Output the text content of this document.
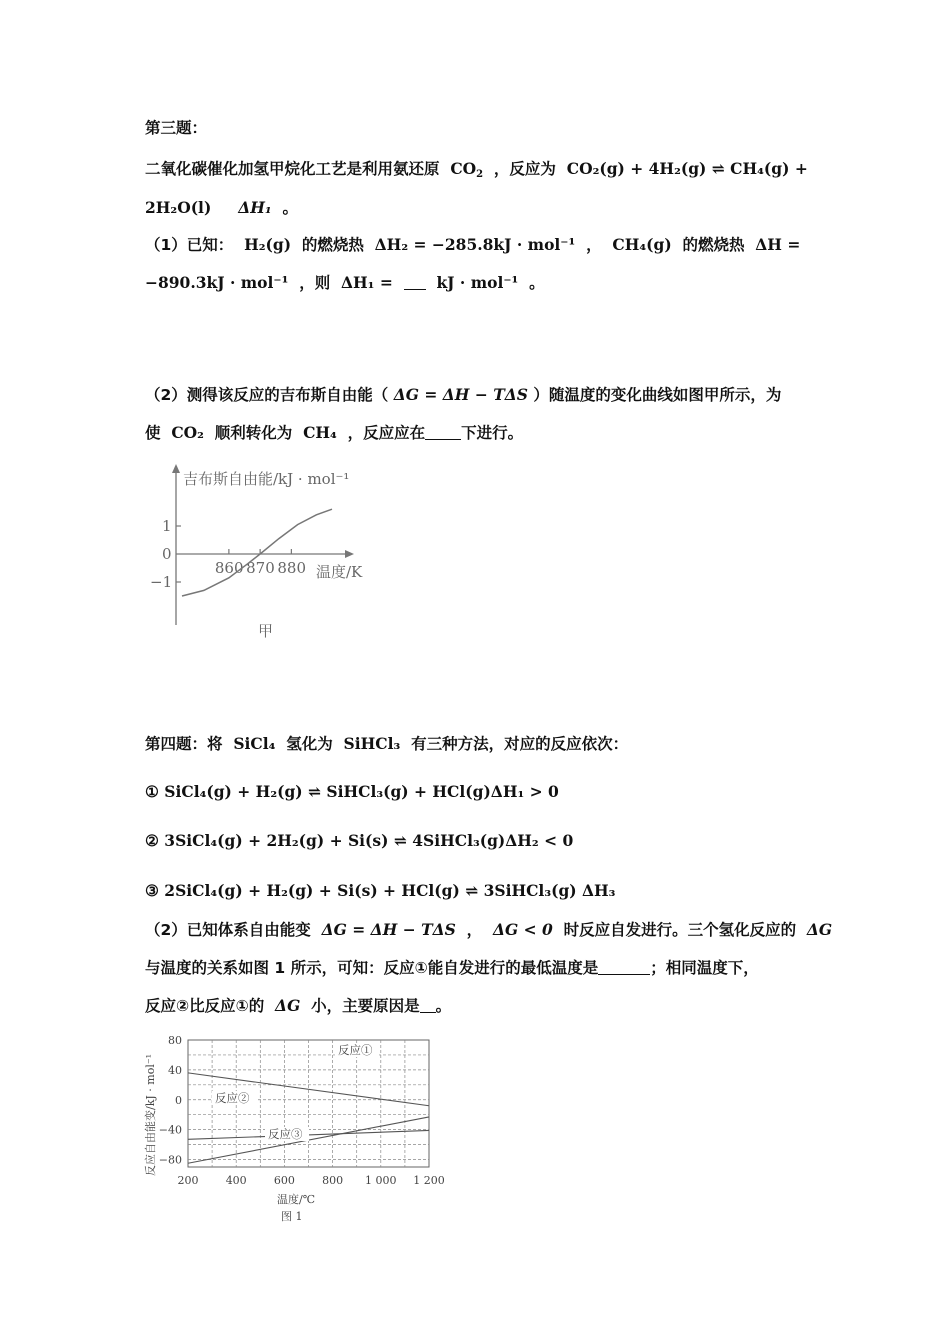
第三题：
二氧化碳催化加氢甲烷化工艺是利用氨还原 $CO_2$ ，反应为 CO₂(g) + 4H₂(g) ⇌ CH₄(g) +
2H₂O(l) ΔH₁ 。
（1）已知： H₂(g) 的燃烧热 ΔH₂ = −285.8kJ · mol⁻¹ ， CH₄(g) 的燃烧热 ΔH =
−890.3kJ · mol⁻¹ ，则 ΔH₁ =	kJ · mol⁻¹ 。
（2）测得该反应的吉布斯自由能（ ΔG = ΔH − TΔS ）随温度的变化曲线如图甲所示，为
使 CO₂ 顺利转化为 CH₄ ，反应应在 下进行。
吉布斯自由能/kJ · mol⁻¹
860 870 880
1
0
−1
温度/K
甲
第四题：将 SiCl₄ 氢化为 SiHCl₃ 有三种方法，对应的反应依次：
① SiCl₄(g) + H₂(g) ⇌ SiHCl₃(g) + HCl(g)ΔH₁ > 0
② 3SiCl₄(g) + 2H₂(g) + Si(s) ⇌ 4SiHCl₃(g)ΔH₂ < 0
③ 2SiCl₄(g) + H₂(g) + Si(s) + HCl(g) ⇌ 3SiHCl₃(g) ΔH₃
（2）已知体系自由能变 ΔG = ΔH − TΔS ， ΔG < 0 时反应自发进行。三个氢化反应的 ΔG
与温度的关系如图 1 所示，可知：反应①能自发进行的最低温度是	；相同温度下，
反应②比反应①的 ΔG 小，主要原因是 。
反应自由能变/kJ · mol⁻¹
200 400 600 800 1 000 1 200
80
40
0
−40
−80
反应①
反应②
反应③
温度/℃
图 1
